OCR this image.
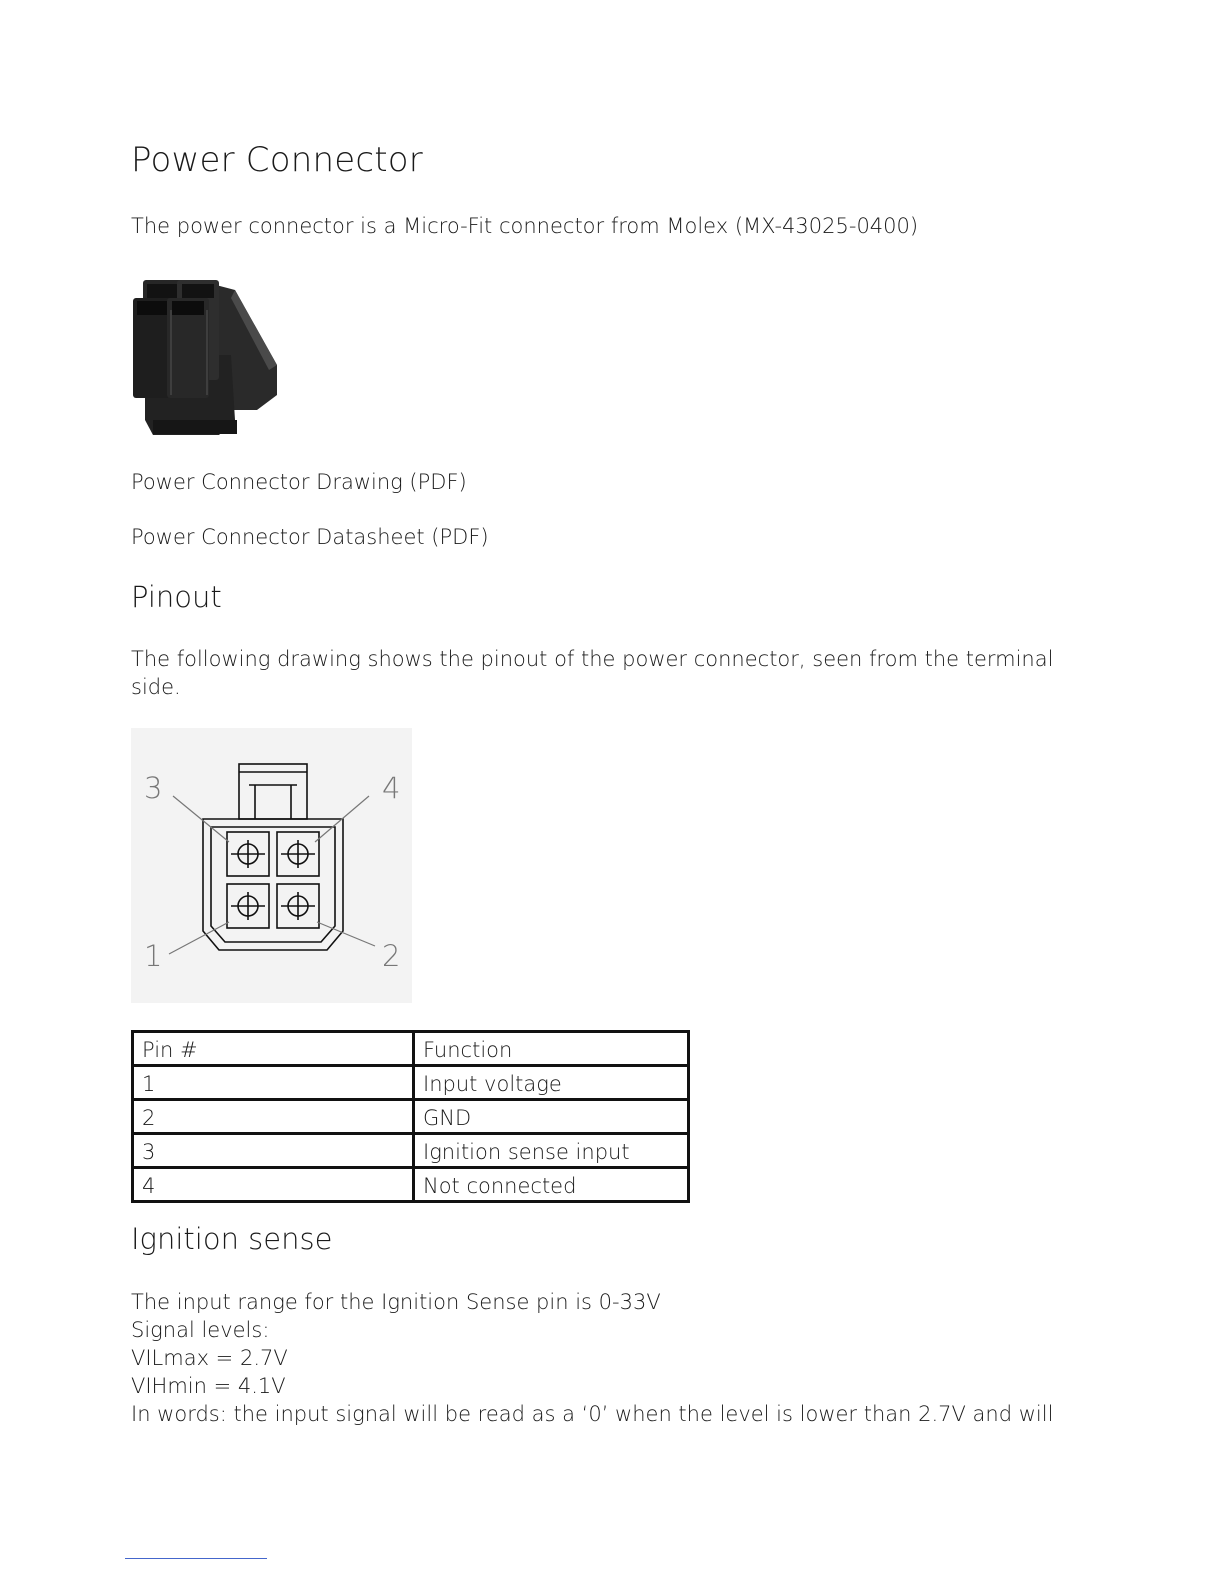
Power Connector

The power connector is a Micro-Fit connector from Molex (MX-43025-0400)

Power Connector Drawing (PDF)

Power Connector Datasheet (PDF)

Pinout

The following drawing shows the pinout of the power connector, seen from the terminal side.

3	4
1	2
Pin #	Function
1	Input voltage
2	GND
3	Ignition sense input
4	Not connected
Ignition sense

The input range for the Ignition Sense pin is 0-33V

Signal levels:

VILmax = 2.7V

VIHmin = 4.1V

In words: the input signal will be read as a ‘0’ when the level is lower than 2.7V and will
